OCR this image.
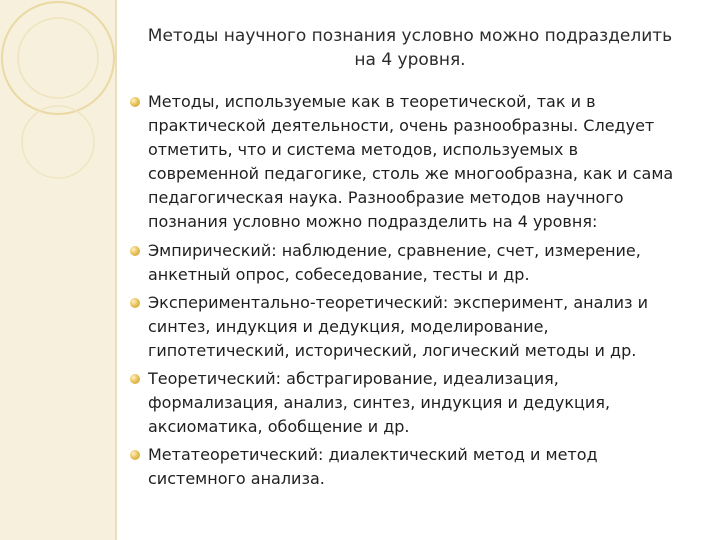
Методы научного познания условно можно подразделить
на 4 уровня.
Методы, используемые как в теоретической, так и в
практической деятельности, очень разнообразны. Следует
отметить, что и система методов, используемых в
современной педагогике, столь же многообразна, как и сама
педагогическая наука. Разнообразие методов научного
познания условно можно подразделить на 4 уровня:
Эмпирический: наблюдение, сравнение, счет, измерение,
анкетный опрос, собеседование, тесты и др.
Экспериментально-теоретический: эксперимент, анализ и
синтез, индукция и дедукция, моделирование,
гипотетический, исторический, логический методы и др.
Теоретический: абстрагирование, идеализация,
формализация, анализ, синтез, индукция и дедукция,
аксиоматика, обобщение и др.
Метатеоретический: диалектический метод и метод
системного анализа.
